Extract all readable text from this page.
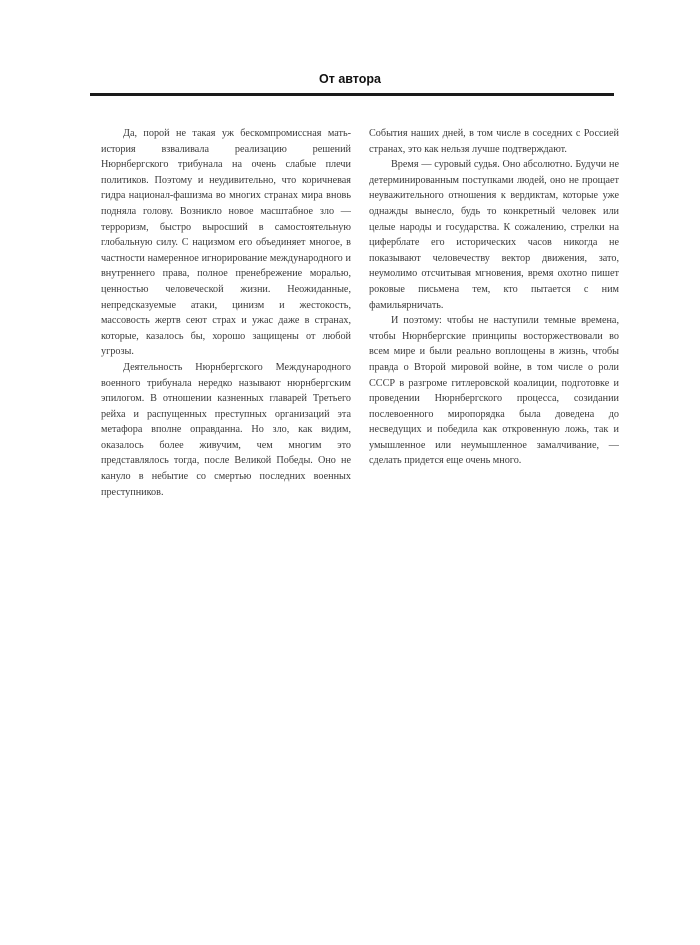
От автора

Да, порой не такая уж бескомпромиссная мать-история взваливала реализацию решений Нюрнбергского трибунала на очень слабые плечи политиков. Поэтому и неудивительно, что коричневая гидра национал-фашизма во многих странах мира вновь подняла голову. Возникло новое масштабное зло — терроризм, быстро выросший в самостоятельную глобальную силу. С нацизмом его объединяет многое, в частности намеренное игнорирование международного и внутреннего права, полное пренебрежение моралью, ценностью человеческой жизни. Неожиданные, непредсказуемые атаки, цинизм и жестокость, массовость жертв сеют страх и ужас даже в странах, которые, казалось бы, хорошо защищены от любой угрозы.

Деятельность Нюрнбергского Международного военного трибунала нередко называют нюрнбергским эпилогом. В отношении казненных главарей Третьего рейха и распущенных преступных организаций эта метафора вполне оправданна. Но зло, как видим, оказалось более живучим, чем многим это представлялось тогда, после Великой Победы. Оно не кануло в небытие со смертью последних военных преступников.

События наших дней, в том числе в соседних с Россией странах, это как нельзя лучше подтверждают.

Время — суровый судья. Оно абсолютно. Будучи не детерминированным поступками людей, оно не прощает неуважительного отношения к вердиктам, которые уже однажды вынесло, будь то конкретный человек или целые народы и государства. К сожалению, стрелки на циферблате его исторических часов никогда не показывают человечеству вектор движения, зато, неумолимо отсчитывая мгновения, время охотно пишет роковые письмена тем, кто пытается с ним фамильярничать.

И поэтому: чтобы не наступили темные времена, чтобы Нюрнбергские принципы восторжествовали во всем мире и были реально воплощены в жизнь, чтобы правда о Второй мировой войне, в том числе о роли СССР в разгроме гитлеровской коалиции, подготовке и проведении Нюрнбергского процесса, созидании послевоенного миропорядка была доведена до несведущих и победила как откровенную ложь, так и умышленное или неумышленное замалчивание, — сделать придется еще очень много.
